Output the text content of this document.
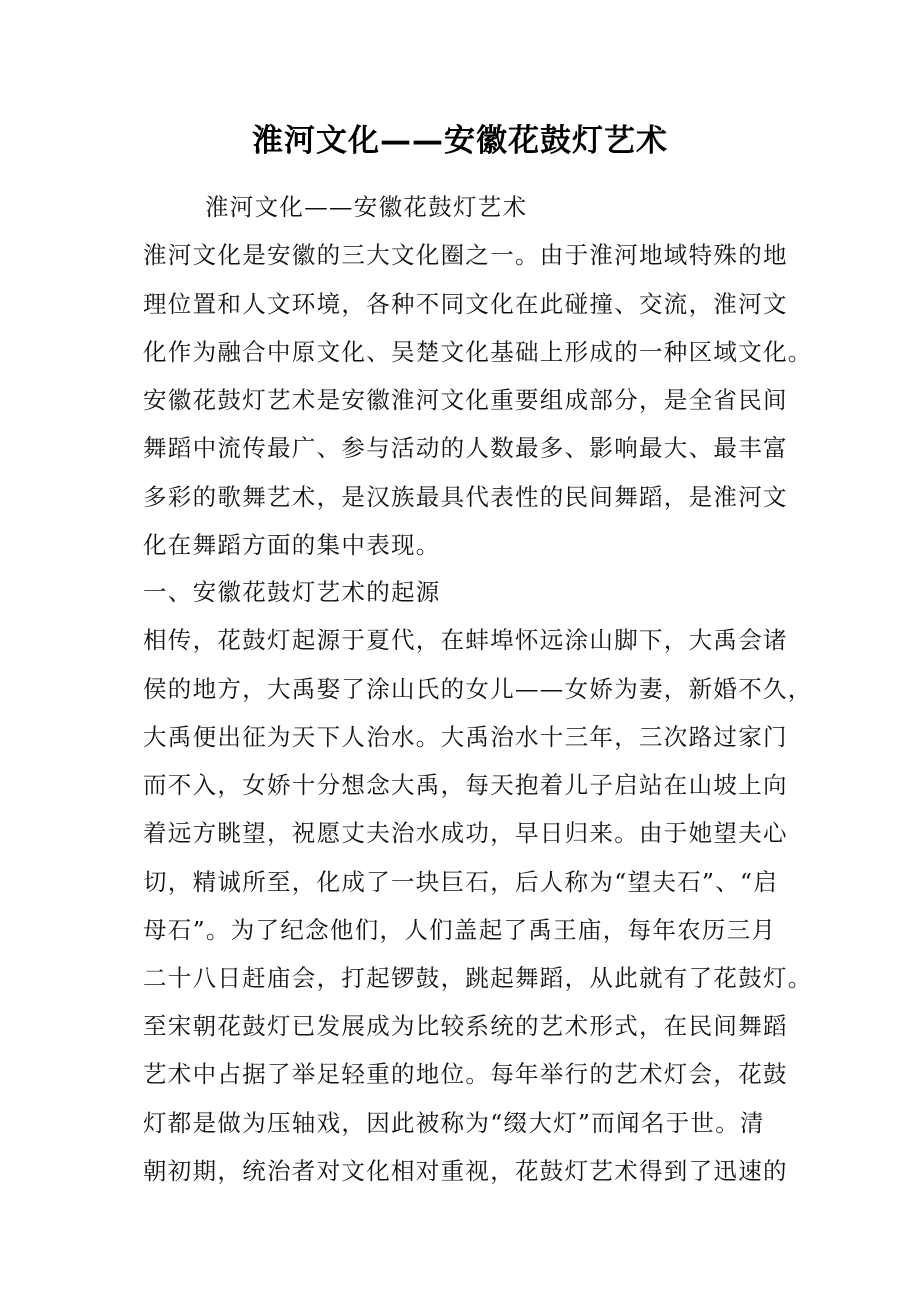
淮河文化——安徽花鼓灯艺术
淮河文化——安徽花鼓灯艺术
淮河文化是安徽的三大文化圈之一。由于淮河地域特殊的地
理位置和人文环境，各种不同文化在此碰撞、交流，淮河文
化作为融合中原文化、吴楚文化基础上形成的一种区域文化。
安徽花鼓灯艺术是安徽淮河文化重要组成部分，是全省民间
舞蹈中流传最广、参与活动的人数最多、影响最大、最丰富
多彩的歌舞艺术，是汉族最具代表性的民间舞蹈，是淮河文
化在舞蹈方面的集中表现。
一、安徽花鼓灯艺术的起源
相传，花鼓灯起源于夏代，在蚌埠怀远涂山脚下，大禹会诸
侯的地方，大禹娶了涂山氏的女儿——女娇为妻，新婚不久，
大禹便出征为天下人治水。大禹治水十三年，三次路过家门
而不入，女娇十分想念大禹，每天抱着儿子启站在山坡上向
着远方眺望，祝愿丈夫治水成功，早日归来。由于她望夫心
切，精诚所至，化成了一块巨石，后人称为“望夫石”、“启
母石”。为了纪念他们，人们盖起了禹王庙，每年农历三月
二十八日赶庙会，打起锣鼓，跳起舞蹈，从此就有了花鼓灯。
至宋朝花鼓灯已发展成为比较系统的艺术形式，在民间舞蹈
艺术中占据了举足轻重的地位。每年举行的艺术灯会，花鼓
灯都是做为压轴戏，因此被称为“缀大灯”而闻名于世。清
朝初期，统治者对文化相对重视，花鼓灯艺术得到了迅速的
